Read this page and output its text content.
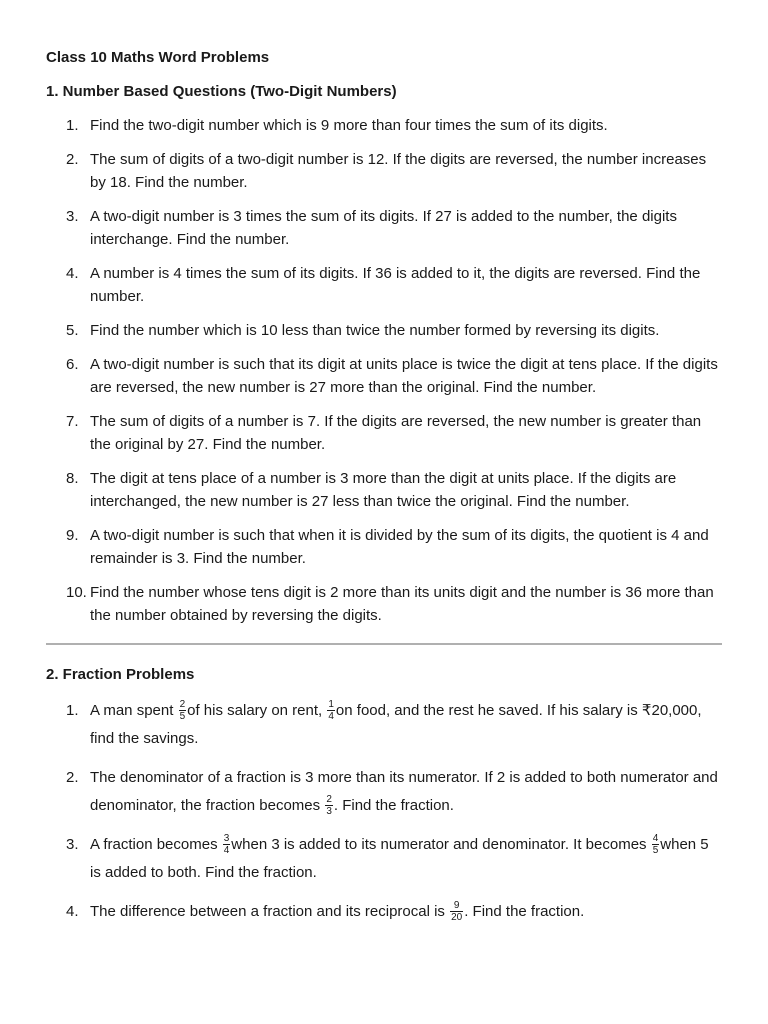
Class 10 Maths Word Problems
1. Number Based Questions (Two-Digit Numbers)
1. Find the two-digit number which is 9 more than four times the sum of its digits.
2. The sum of digits of a two-digit number is 12. If the digits are reversed, the number increases by 18. Find the number.
3. A two-digit number is 3 times the sum of its digits. If 27 is added to the number, the digits interchange. Find the number.
4. A number is 4 times the sum of its digits. If 36 is added to it, the digits are reversed. Find the number.
5. Find the number which is 10 less than twice the number formed by reversing its digits.
6. A two-digit number is such that its digit at units place is twice the digit at tens place. If the digits are reversed, the new number is 27 more than the original. Find the number.
7. The sum of digits of a number is 7. If the digits are reversed, the new number is greater than the original by 27. Find the number.
8. The digit at tens place of a number is 3 more than the digit at units place. If the digits are interchanged, the new number is 27 less than twice the original. Find the number.
9. A two-digit number is such that when it is divided by the sum of its digits, the quotient is 4 and remainder is 3. Find the number.
10. Find the number whose tens digit is 2 more than its units digit and the number is 36 more than the number obtained by reversing the digits.
2. Fraction Problems
1. A man spent $\frac{2}{5}$ of his salary on rent, $\frac{1}{4}$ on food, and the rest he saved. If his salary is ₹20,000, find the savings.
2. The denominator of a fraction is 3 more than its numerator. If 2 is added to both numerator and denominator, the fraction becomes $\frac{2}{3}$ . Find the fraction.
3. A fraction becomes $\frac{3}{4}$ when 3 is added to its numerator and denominator. It becomes $\frac{4}{5}$ when 5 is added to both. Find the fraction.
4. The difference between a fraction and its reciprocal is $\frac{9}{20}$ . Find the fraction.
